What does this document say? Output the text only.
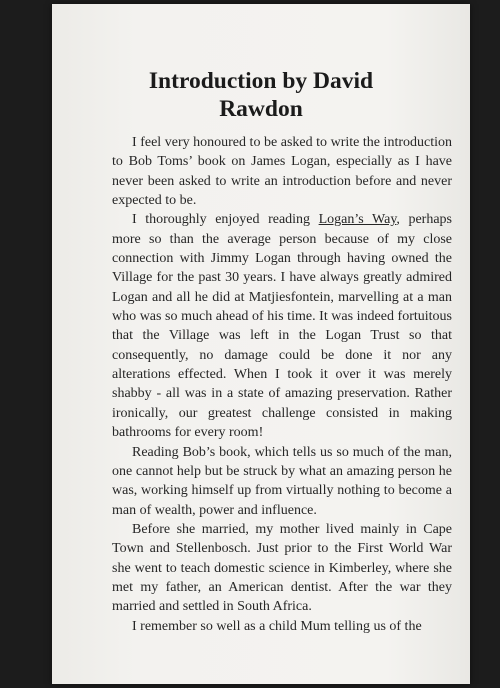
Introduction by David
Rawdon

I feel very honoured to be asked to write the introduction to Bob Toms’ book on James Logan, especially as I have never been asked to write an introduction before and never expected to be.

I thoroughly enjoyed reading Logan’s Way, perhaps more so than the average person because of my close connection with Jimmy Logan through having owned the Village for the past 30 years. I have always greatly admired Logan and all he did at Matjiesfontein, marvelling at a man who was so much ahead of his time. It was indeed fortuitous that the Village was left in the Logan Trust so that consequently, no damage could be done it nor any alterations effected. When I took it over it was merely shabby - all was in a state of amazing preservation. Rather ironically, our greatest challenge consisted in making bathrooms for every room!

Reading Bob’s book, which tells us so much of the man, one cannot help but be struck by what an amazing person he was, working himself up from virtually nothing to become a man of wealth, power and influence.

Before she married, my mother lived mainly in Cape Town and Stellenbosch. Just prior to the First World War she went to teach domestic science in Kimberley, where she met my father, an American dentist. After the war they married and settled in South Africa.

I remember so well as a child Mum telling us of the
